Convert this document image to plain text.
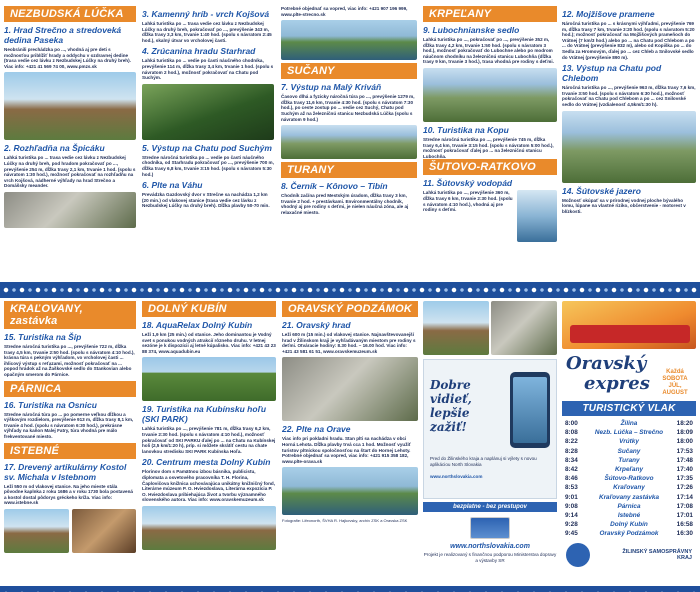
NEZBUDSKÁ LÚČKA
1. Hrad Strečno a stredoveká dedina Paseka
Neobránili prechádzka po ..., vhodná aj pre deti s možnosťou priblížiť hrady a oddychu v ozdravnej dedine (trasa vedie cez lávku z Nezbudskej Lúčky na druhý breh). Viac info: +421 41 569 74 00, www.pmzs.sk
2. Rozhľadňa na Špicáku
Lahká turistika po ... trasa vedie cez lávku z Nezbudskej Lúčky na druhý breh, pod hradom pokračovať po ..., prevýšenie 254 m, dĺžka trasy 2,1 km, trvanie 1 hod. (spolu s návratom 1:30 hod.), možnosť pokračovať na rozhľadňu na vrch Kojšová, nádherné výhľady na hrad Strečno a Domášsky meander.
3. Kamenný hríb - vrch Kojšová
Lahká turistika po ... trasa vedie cez lávku z Nezbudskej Lúčky na druhý breh, pokračovať po ..., prevýšenie 343 m, dĺžka trasy 3,3 km, trvanie 1:40 hod. (spolu s návratom 2:45 hod.), skalný útvar vo vrcholovej časti.
4. Zrúcanina hradu Starhrad
Lahká turistika po ... vedie po časti náučného chodníka, prevýšenie 114 m, dĺžka trasy 3,4 km, trvanie 1 hod. (spolu s návratom 2 hod.), možnosť pokračovať na Chatu pod Suchým.
5. Výstup na Chatu pod Suchým
Stredne náročná turistika po ... vedie po časti náučného chodníka, od Starhradu pokračovať po ..., prevýšenie 700 m, dĺžka trasy 6,8 km, trvanie 3:15 hod. (spolu s návratom 5:30 hod.)
6. Plte na Váhu
Prevádzka Gazdovský dvor v Strečne sa nachádza 1,2 km (20 min.) od vlakovej stanice (trasa vedie cez lávku z Nezbudskej Lúčky na druhý breh). Dĺžka plavby 50-70 min.
Potrebné objednať sa vopred, viac info: +421 907 196 999, www.plte-strecno.sk
SUČANY
7. Výstup na Malý Kriváň
Časovo dlhá a fyzicky náročná túra po ..., prevýšenie 1279 m, dĺžka trasy 11,6 km, trvanie 4:30 hod. (spolu s návratom 7:30 hod.), po ceste zostup po ... vedie cez Suchý, Chatu pod Suchým až na železničnú stanicu Nezbudská Lúčka (spolu s návratom 9 hod.)
TURANY
8. Černík – Kônovo – Tibín
Chodník začína pred Mestským úradom, dĺžka trasy 3 km, trvanie 2 hod. + prestávkami. Environmentálny chodník, vhodný aj pre rodiny s deťmi, je nielen náučná zóna, ale aj relaxačné miesto.
KRPEĽANY
9. Lubochnianske sedlo
Lahká turistika po ..., pokračovať po ..., prevýšenie 352 m, dĺžka trasy 4,2 km, trvanie 1:50 hod. (spolu s návratom 3 hod.), možnosť pokračovať do Lubochne alebo po modrom náučnom chodníku na železničnú stanicu Lubochňa (dĺžka trasy 9 km, trvanie 3 hod.), trasa vhodná pre rodiny s deťmi.
10. Turistika na Kopu
Stredne náročná turistika po ..., prevýšenie 745 m, dĺžka trasy 6,4 km, trvanie 3:15 hod. (spolu s návratom 5:00 hod.), možnosť pokračovať ďalej po ... na železničnú stanicu Lubochňa.
ŠUTOVO-RATKOVO
11. Šútovský vodopád
Lahká turistika po ..., prevýšenie 360 m, dĺžka trasy 6 km, trvanie 2:30 hod. (spolu s návratom 4:10 hod.), vhodná aj pre rodiny s deťmi.
12. Mojžišove pramene
Náročná turistika po ... s krásnymi výhľadmi, prevýšenie 769 m, dĺžka trasy 7 km, trvanie 3:20 hod. (spolu s návratom 5:20 hod.); možnosť pokračovať na Mojžišových prameňoch do Vrátnej (7 km/3 hod.) alebo po ... na Chatu pod Chlebom a po ... do Vrátnej (prevýšenie 832 m), alebo od Kopiška po ... do Sedla za Hromovým, ďalej po ... cez Chleb a Snilovské sedlo do Vrátnej (prevýšenie 890 m).
13. Výstup na Chatu pod Chlebom
Náročná turistika po ..., prevýšenie 963 m, dĺžka trasy 7,6 km, trvanie 3:50 hod. (spolu s návratom 6:30 hod.), možnosť pokračovať na Chatu pod Chlebom a po ... cez Snilovské sedlo do Vrátnej (vzdialenosť 4,5km/1:30 h).
14. Šútovské jazero
Možnosť okúpať sa v prírodnej vodnej ploche bývalého lomu, lúpane na vlastné riziko, občerstvenie - motorest v blízkosti.
KRAĽOVANY, zastávka
15. Turistika na Šíp
Stredne náročná turistika po ..., prevýšenie 722 m, dĺžka trasy 4,5 km, trvanie 2:50 hod. (spolu s návratom 4:10 hod.), krásna túra s pekným výhľadom, vo vrcholovej časti ... ihlicový výstup s reťazami, možnosť pokračovať na ... popod hrádok až na Žaškovské sedlo do Stankovian alebo opačným smerom do Párnice.
PÁRNICA
16. Turistika na Osnicu
Stredne náročná túra po ... po pomerne veľkou dĺžkou a výškovým rozdielom, prevýšenie 913 m, dĺžka trasy 8,1 km, trvanie 4 hod. (spolu s návratom 6:30 hod.), prekrásne výhľady na kaňon Malej Fatry, túra vhodná pre málo frekventované miesto.
ISTEBNÉ
17. Drevený artikulárny Kostol sv. Michala v Istebnom
Leží 550 m od vlakovej stanice. Na jeho mieste stála pôvodne kaplnka z roku 1686 a v roku 1730 bola postavená a kostol dostal pôdorys gréckeho kríža. Viac info: www.istebne.sk
DOLNÝ KUBÍN
18. AquaRelax Dolný Kubín
Leží 1,9 km (25 min.) od stanice. Jeho dominantou je Vodný svet s ponukou vodných atrakcií rôzneho druhu. V letnej sezóne je k dispozícii aj letné kúpalisko. Viac info: +421 43 23 88 374, www.aquadubin.eu
19. Turistika na Kubínsku hoľu (SKI PARK)
Lahká turistika po ..., prevýšenie 781 m, dĺžka trasy 6,2 km, trvanie 2:30 hod. (spolu s návratom 4:10 hod.), možnosť pokračovať od SKI PARKU ďalej po ... na Chatu na Kubínskej holi (2,5 km/1:20 h), príp. si môžete skrátiť cestu na chate lanovkou stredisku SKI PARK Kubínska Hoľa.
20. Centrum mesta Dolný Kubín
Florinov dom s Pamätnou izbou básnika, publicistu, diplomata a osvetového pracovníka T. H. Florina, Čaplovičova knižnica uchovávajúca unikátny knižničný fond, Literárne múzeum P. O. Hviezdoslava, Literárna expozícia P. O. Hviezdoslava pribiehajúca život a tvorbu významného slovenského autora. Viac info: www.oravskemuzeum.sk
ORAVSKÝ PODZÁMOK
21. Oravský hrad
Leží 600 m (15 min.) od vlakovej stanice. Najnavštevovanejší hrad v Žilinskom kraji je vyhľadávaným miestom pre rodiny s deťmi. Otváracie hodiny: 8.30 hod. – 16.00 hod. Viac info: +421 43 581 61 51, www.oravskemuzeum.sk
22. Plte na Orave
Viac info pri pokladni hradu. Stan plti sa nachádza v obci Horná Lehota. Dĺžka plavby trvá cca 1 hod. Možnosť využiť turistov pltníckou spoločnosťou na štart do Hornej Lehoty. Potrebné objednať sa vopred, viac info: +421 915 358 182, www.plte-orava.sk
Fotografie: Lifeonorth, ŠVHA R. Hajkovsky, archív ZSK a Oravska ZSK
Dobre vidieť, lepšie zažiť!
Pred do Žilinského kraja a naplánuj si výlety s novou aplikáciou North Slovakia
www.northslovakia.com
bezplatne - bez prestupov
www.northslovakia.com
Projekt je realizovaný s finančnou podporou Ministerstva dopravy a výstavby SR
Oravský
expres
Každá SOBOTA JÚL, AUGUST
TURISTICKÝ VLAK
8:00	Žilina	18:20
8:08	Nezb. Lúčka – Strečno	18:09
8:22	Vrútky	18:00
8:28	Sučany	17:53
8:34	Turany	17:48
8:42	Krpeľany	17:40
8:46	Šútovo-Ratkovo	17:35
8:53	Kraľovany	17:26
9:01	Kraľovany zastávka	17:14
9:08	Párnica	17:08
9:14	Istebné	17:01
9:28	Dolný Kubín	16:58
9:45	Oravský Podzámok	16:30
ŽILINSKÝ SAMOSPRÁVNY KRAJ
